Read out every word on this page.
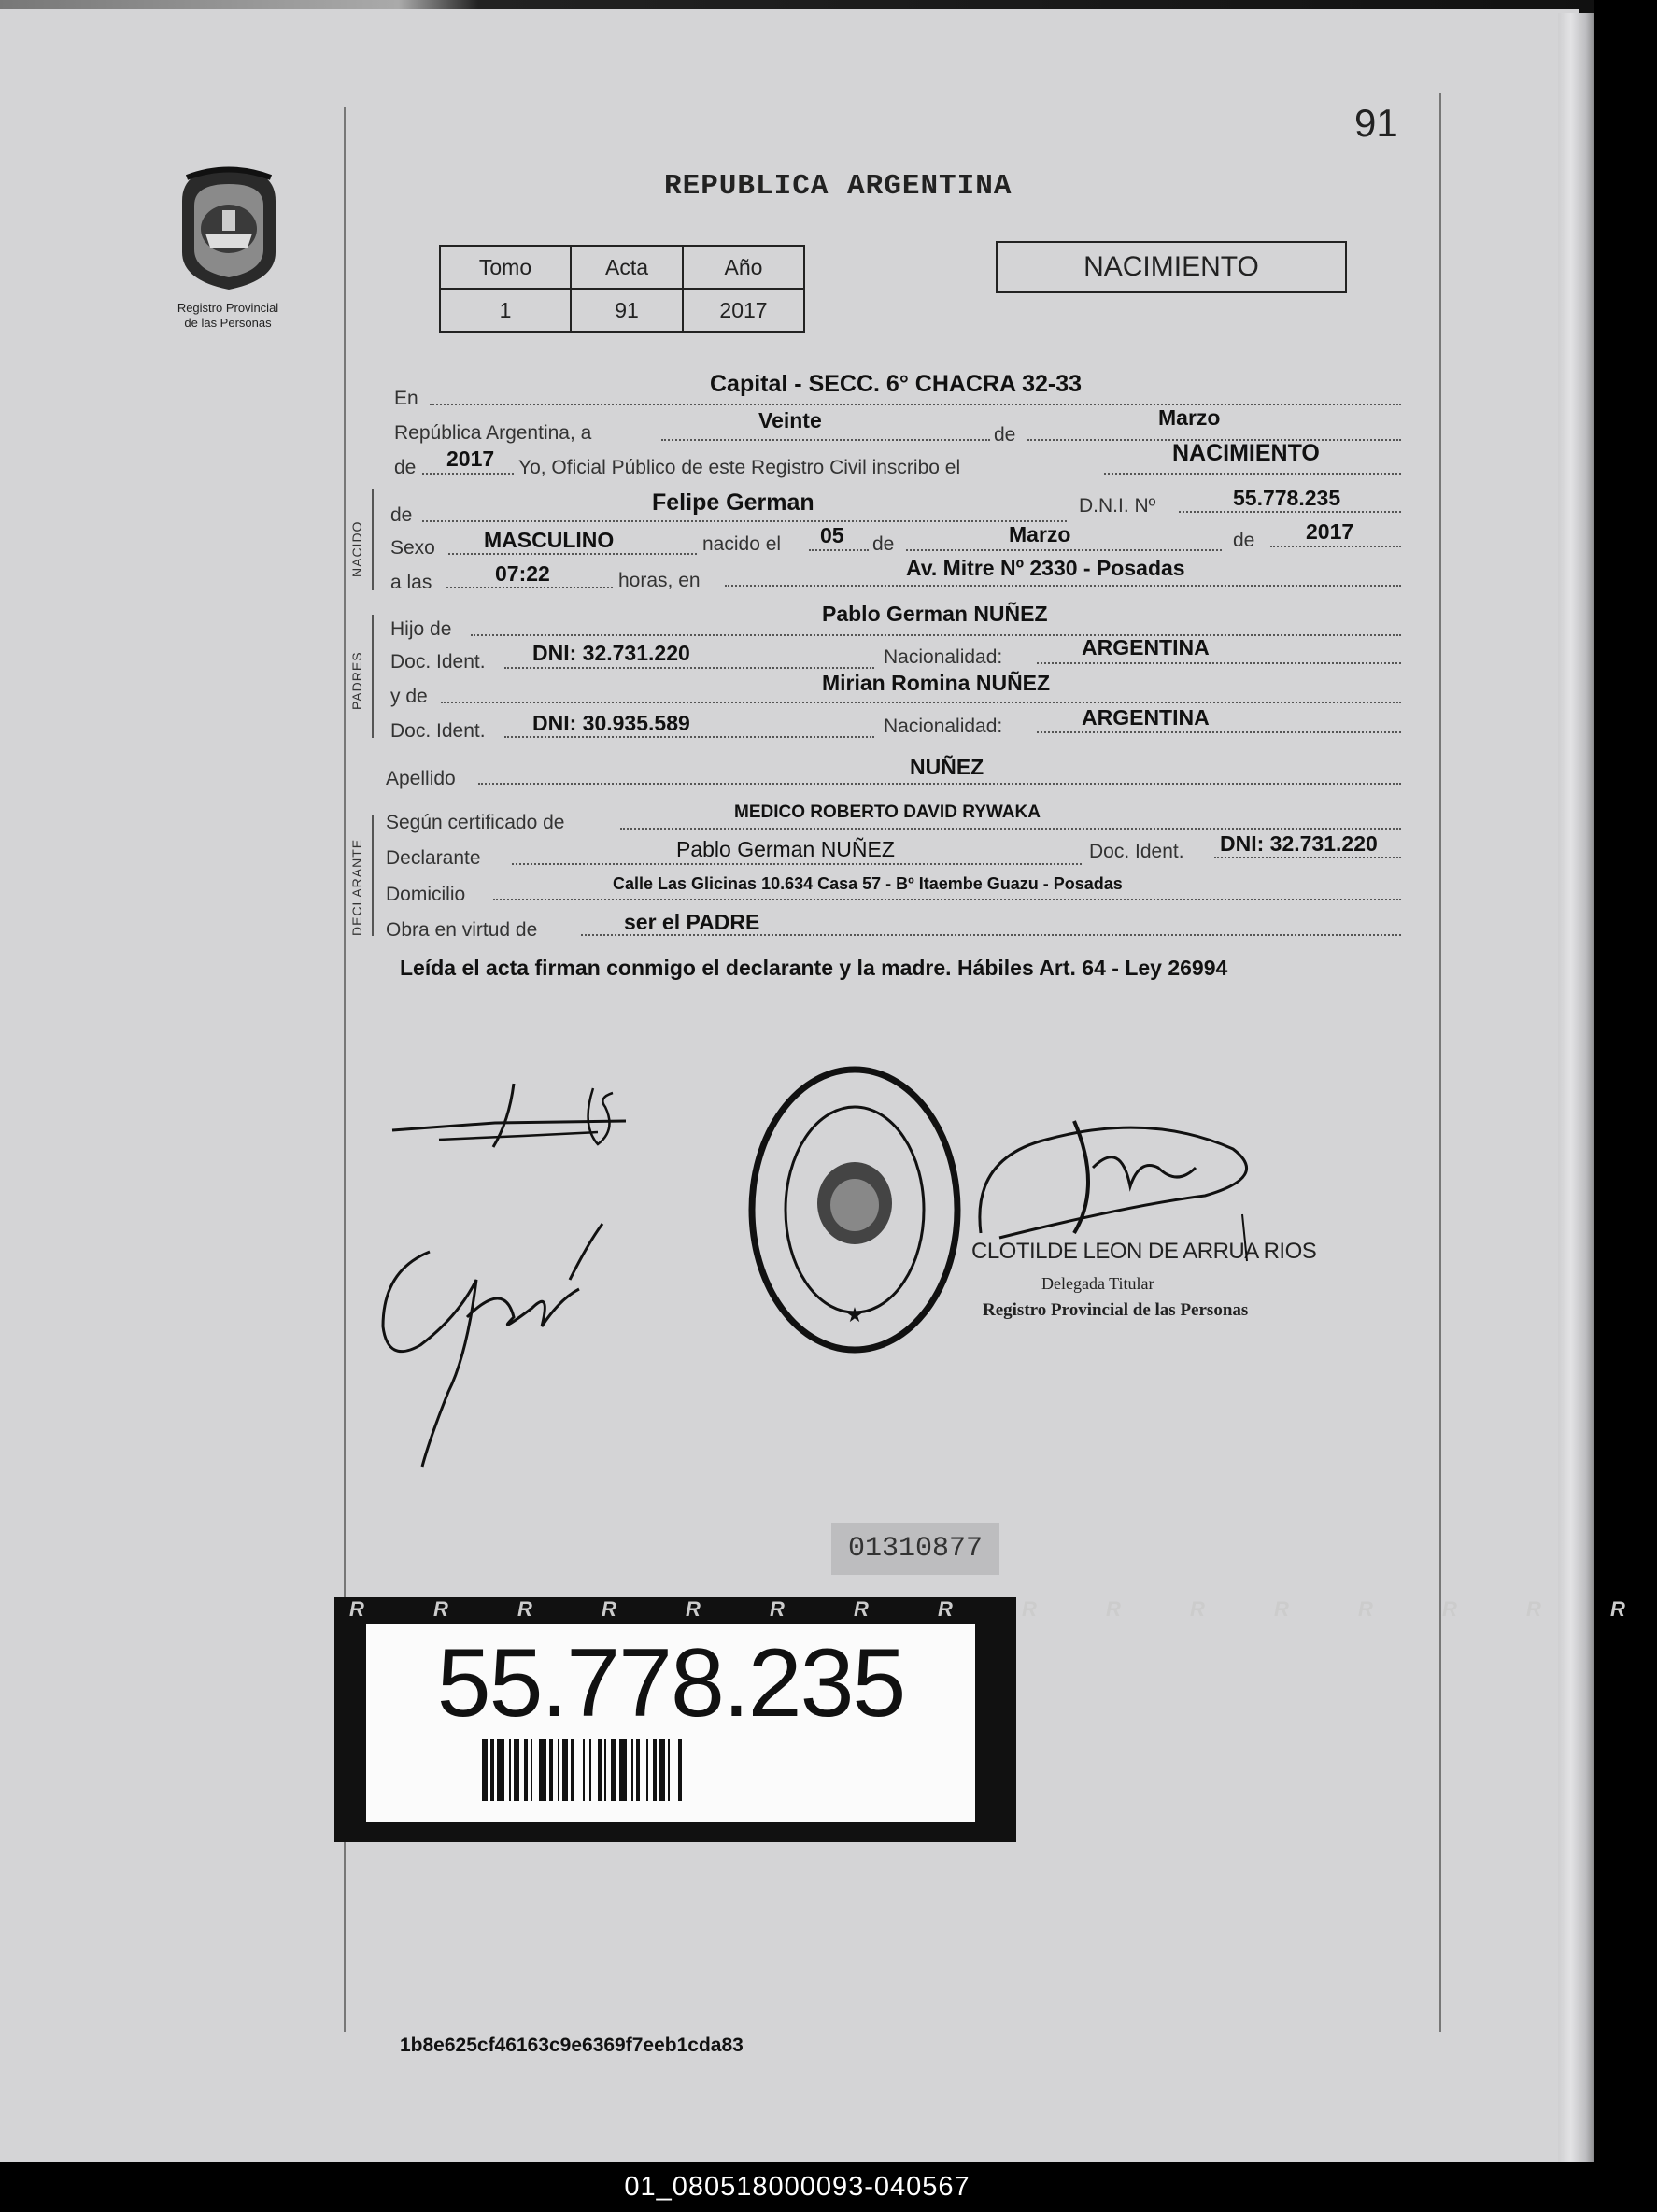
91
REPUBLICA ARGENTINA
Registro Provincial
de las Personas
Tomo	Acta	Año
1	91	2017
NACIMIENTO
En
Capital - SECC. 6° CHACRA 32-33
República Argentina, a
Veinte
de
Marzo
de 2017 Yo, Oficial Público de este Registro Civil inscribo el
NACIMIENTO
NACIDO
de	Felipe German	D.N.I. Nº	55.778.235
Sexo MASCULINO	nacido el 05 de	Marzo	de 2017
a las	07:22	horas, en
Av. Mitre Nº 2330 - Posadas
PADRES
Hijo de
Pablo German NUÑEZ
Doc. Ident. DNI: 32.731.220	Nacionalidad:	ARGENTINA
y de
Mirian Romina NUÑEZ
Doc. Ident. DNI: 30.935.589	Nacionalidad:	ARGENTINA
Apellido	NUÑEZ
DECLARANTE
Según certificado de	MEDICO ROBERTO DAVID RYWAKA
Declarante	Pablo German NUÑEZ	Doc. Ident. DNI: 32.731.220
Domicilio	Calle Las Glicinas 10.634 Casa 57 - Bº Itaembe Guazu - Posadas
Obra en virtud de	ser el PADRE
Leída el acta firman conmigo el declarante y la madre. Hábiles Art. 64 - Ley 26994
★
CLOTILDE LEON DE ARRUA RIOS
Delegada Titular
Registro Provincial de las Personas
01310877
R R R R R R R R R R R R R R R R
55.778.235
1b8e625cf46163c9e6369f7eeb1cda83
01_080518000093-040567
